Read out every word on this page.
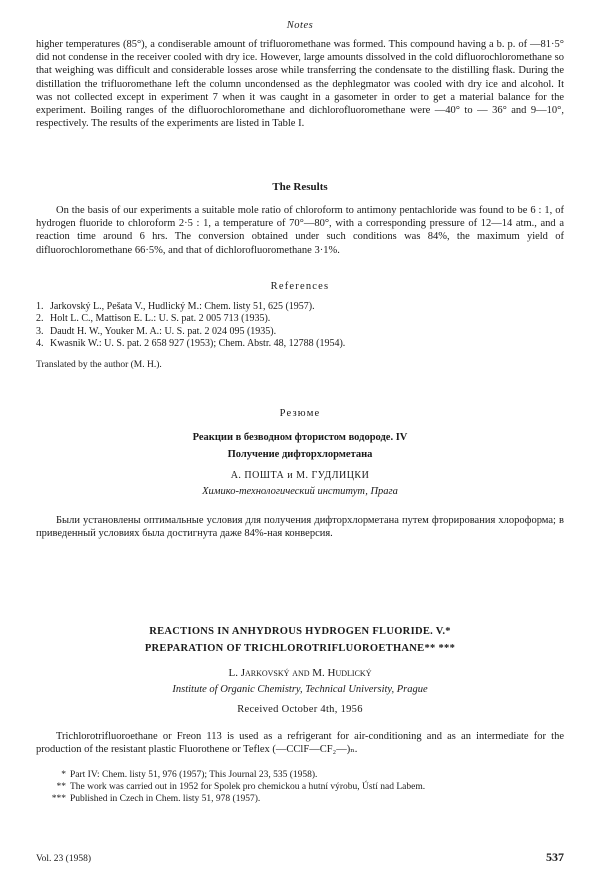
Notes
higher temperatures (85°), a condiserable amount of trifluoromethane was formed. This compound having a b. p. of —81·5° did not condense in the receiver cooled with dry ice. However, large amounts dissolved in the cold difluorochloromethane so that weighing was difficult and considerable losses arose while transferring the condensate to the distilling flask. During the distillation the trifluoromethane left the column uncondensed as the dephlegmator was cooled with dry ice and alcohol. It was not collected except in experiment 7 when it was caught in a gasometer in order to get a material balance for the experiment. Boiling ranges of the difluorochloromethane and dichlorofluoromethane were —40° to — 36° and 9—10°, respectively. The results of the experiments are listed in Table I.
The Results
On the basis of our experiments a suitable mole ratio of chloroform to antimony pentachloride was found to be 6 : 1, of hydrogen fluoride to chloroform 2·5 : 1, a temperature of 70°—80°, with a corresponding pressure of 12—14 atm., and a reaction time around 6 hrs. The conversion obtained under such conditions was 84%, the maximum yield of difluorochloromethane 66·5%, and that of dichlorofluoromethane 3·1%.
References
1. Jarkovský L., Pešata V., Hudlický M.: Chem. listy 51, 625 (1957).
2. Holt L. C., Mattison E. L.: U. S. pat. 2 005 713 (1935).
3. Daudt H. W., Youker M. A.: U. S. pat. 2 024 095 (1935).
4. Kwasnik W.: U. S. pat. 2 658 927 (1953); Chem. Abstr. 48, 12788 (1954).
Translated by the author (M. H.).
Резюме
Реакции в безводном фтористом водороде. IV
Получение дифторхлорметана
А. ПОШТА и М. ГУДЛИЦКИ
Химико-технологический институт, Прага
Были установлены оптимальные условия для получения дифторхлорметана путем фторирования хлороформа; в приведенный условиях была достигнута даже 84%-ная конверсия.
REACTIONS IN ANHYDROUS HYDROGEN FLUORIDE. V.*
PREPARATION OF TRICHLOROTRIFLUOROETHANE** ***
L. Jarkovský and M. Hudlický
Institute of Organic Chemistry, Technical University, Prague
Received October 4th, 1956
Trichlorotrifluoroethane or Freon 113 is used as a refrigerant for air-conditioning and as an intermediate for the production of the resistant plastic Fluorothene or Teflex (—CClF—CF₂—)ₙ.
* Part IV: Chem. listy 51, 976 (1957); This Journal 23, 535 (1958).
** The work was carried out in 1952 for Spolek pro chemickou a hutní výrobu, Ústí nad Labem.
*** Published in Czech in Chem. listy 51, 978 (1957).
Vol. 23 (1958)	537
